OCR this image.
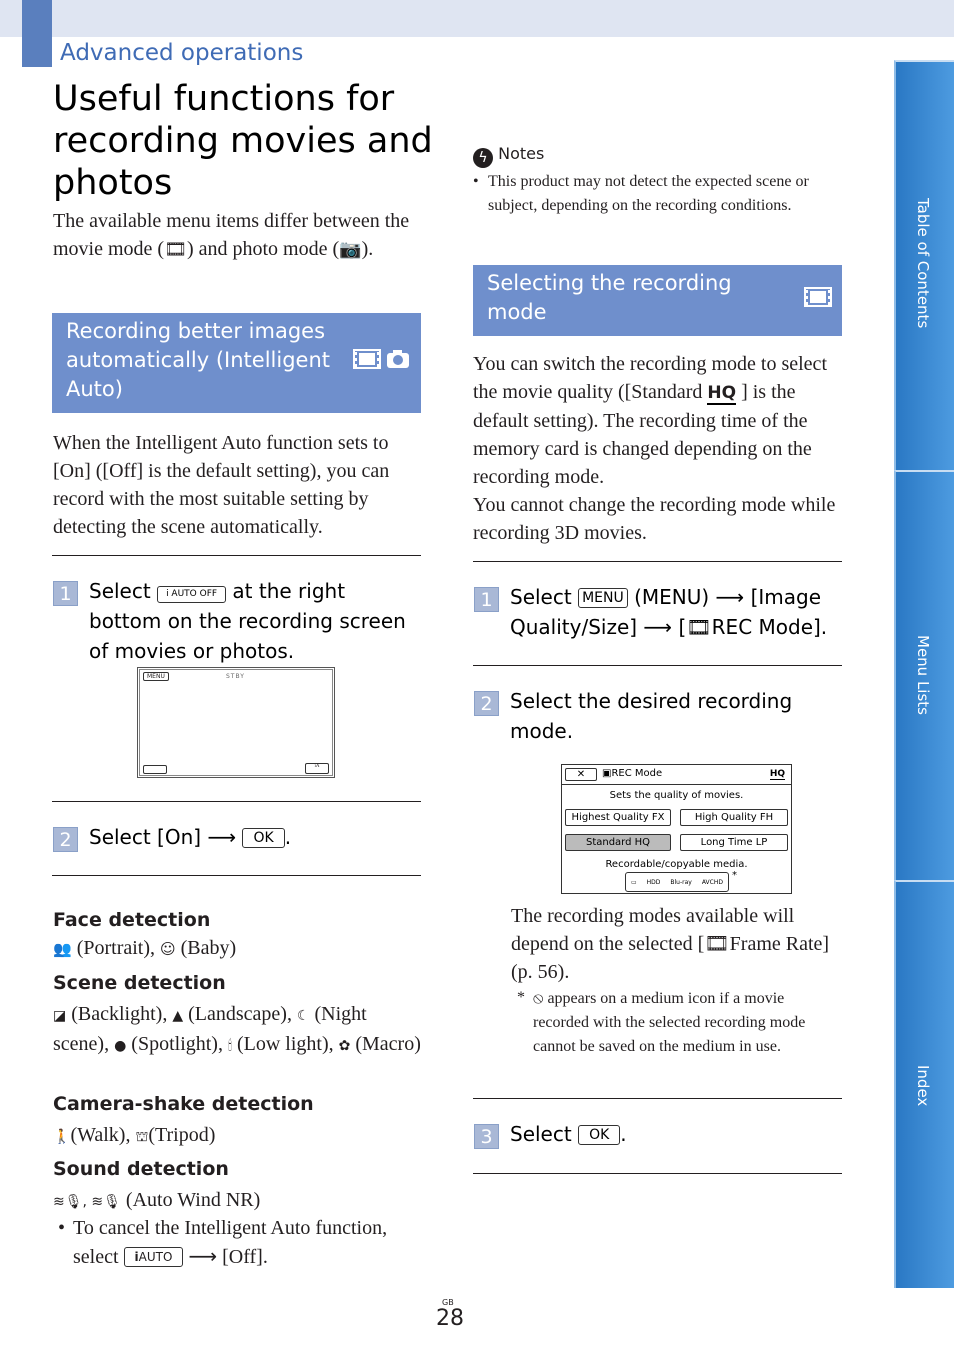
Advanced operations
Table of Contents
Menu Lists
Index
Useful functions for recording movies and photos
The available menu items differ between the movie mode (🎞) and photo mode (📷).
Recording better images automatically (Intelligent Auto)
When the Intelligent Auto function sets to [On] ([Off] is the default setting), you can record with the most suitable setting by detecting the scene automatically.
1 Select i AUTO OFF at the right bottom on the recording screen of movies or photos.
MENU	STBY
iA
2 Select [On] ⟶ OK .
Face detection
👥 (Portrait), ☺ (Baby)
Scene detection
◪ (Backlight), ▲ (Landscape), ☾ (Night scene), ● (Spotlight), 🕯 (Low light), ✿ (Macro)
Camera-shake detection
🚶(Walk), ⛫(Tripod)
Sound detection
≋🎙, ≋🎙 (Auto Wind NR)
• To cancel the Intelligent Auto function, select iAUTO ⟶ [Off].
ϟ Notes
• This product may not detect the expected scene or subject, depending on the recording conditions.
Selecting the recording mode
You can switch the recording mode to select the movie quality ([Standard HQ ] is the default setting). The recording time of the memory card is changed depending on the recording mode.
You cannot change the recording mode while recording 3D movies.
1 Select MENU (MENU) ⟶ [Image Quality/Size] ⟶ [🎞REC Mode].
2 Select the desired recording mode.
✕	▣REC Mode	HQ
Sets the quality of movies.
Highest Quality FX	High Quality FH
Standard HQ	Long Time LP
Recordable/copyable media.
▭ HDD Blu-ray AVCHD
*
The recording modes available will depend on the selected [🎞Frame Rate] (p. 56).
* ⦸ appears on a medium icon if a movie recorded with the selected recording mode cannot be saved on the medium in use.
3 Select OK .
GB
28
